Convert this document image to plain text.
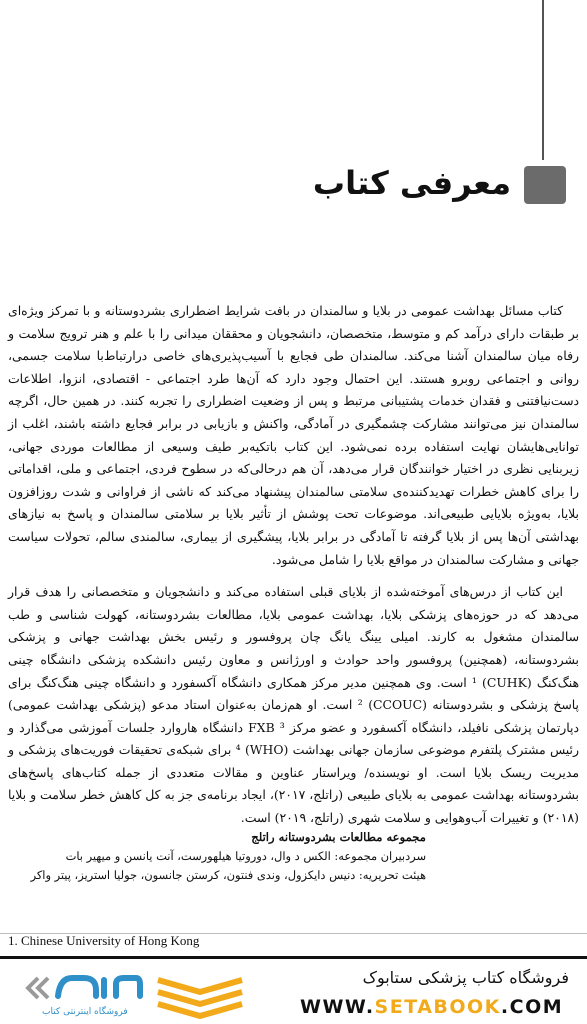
معرفی کتاب

کتاب مسائل بهداشت عمومی در بلایا و سالمندان در بافت شرایط اضطراری بشردوستانه و با تمرکز ویژه‌ای بر طبقات دارای درآمد کم و متوسط، متخصصان، دانشجویان و محققان میدانی را با علم و هنر ترویج سلامت و رفاه میان سالمندان آشنا می‌کند. سالمندان طی فجایع با آسیب‌پذیری‌های خاصی درارتباط‌با سلامت جسمی، روانی و اجتماعی روبرو هستند. این احتمال وجود دارد که آن‌ها طرد اجتماعی - اقتصادی، انزوا، اطلاعات دست‌نیافتنی و فقدان خدمات پشتیبانی مرتبط و پس از وضعیت اضطراری را تجربه کنند. در همین حال، اگرچه سالمندان نیز می‌توانند مشارکت چشمگیری در آمادگی، واکنش و بازیابی در برابر فجایع داشته باشند، اغلب از توانایی‌هایشان نهایت استفاده برده نمی‌شود. این کتاب باتکیه‌بر طیف وسیعی از مطالعات موردی جهانی، زیربنایی نظری در اختیار خوانندگان قرار می‌دهد، آن هم درحالی‌که در سطوح فردی، اجتماعی و ملی، اقداماتی را برای کاهش خطرات تهدیدکننده‌ی سلامتی سالمندان پیشنهاد می‌کند که ناشی از فراوانی و شدت روزافزون بلایا، به‌ویژه بلایایی طبیعی‌اند. موضوعات تحت پوشش از تأثیر بلایا بر سلامتی سالمندان و پاسخ به نیازهای بهداشتی آن‌ها پس از بلایا گرفته تا آمادگی در برابر بلایا، پیشگیری از بیماری، سالمندی سالم، تحولات سیاست جهانی و مشارکت سالمندان در مواقع بلایا را شامل می‌شود.

این کتاب از درس‌های آموخته‌شده از بلایای قبلی استفاده می‌کند و دانشجویان و متخصصانی را هدف قرار می‌دهد که در حوزه‌های پزشکی بلایا، بهداشت عمومی بلایا، مطالعات بشردوستانه، کهولت شناسی و طب سالمندان مشغول به کارند. امیلی یینگ یانگ چان پروفسور و رئیس بخش بهداشت جهانی و پزشکی بشردوستانه، (همچنین) پروفسور واحد حوادث و اورژانس و معاون رئیس دانشکده پزشکی دانشگاه چینی هنگ‌کنگ (CUHK) ¹ است. وی همچنین مدیر مرکز همکاری دانشگاه آکسفورد و دانشگاه چینی هنگ‌کنگ برای پاسخ پزشکی و بشردوستانه (CCOUC) ² است. او هم‌زمان به‌عنوان استاد مدعو (پزشکی بهداشت عمومی) دپارتمان پزشکی نافیلد، دانشگاه آکسفورد و عضو مرکز FXB ³ دانشگاه هاروارد جلسات آموزشی می‌گذارد و رئیس مشترک پلتفرم موضوعی سازمان جهانی بهداشت (WHO) ⁴ برای شبکه‌ی تحقیقات فوریت‌های پزشکی و مدیریت ریسک بلایا است. او نویسنده/ ویراستار عناوین و مقالات متعددی از جمله کتاب‌های پاسخ‌های بشردوستانه بهداشت عمومی به بلایای طبیعی (راتلج، ۲۰۱۷)، ایجاد برنامه‌ی جز به کل کاهش خطر سلامت و بلایا (۲۰۱۸) و تغییرات آب‌وهوایی و سلامت شهری (راتلج، ۲۰۱۹) است.

مجموعه مطالعات بشردوستانه راتلج
سردبیران مجموعه: الکس د وال، دوروتیا هیلهورست، آنت یانسن و میهیر بات
هیئت تحریریه: دنیس دایکزول، وندی فنتون، کرستن جانسون، جولیا استریز، پیتر واکر
1. Chinese University of Hong Kong
فروشگاه کتاب پزشکی ستابوک
WWW.SETABOOK.COM
فروشگاه اینترنتی کتاب
